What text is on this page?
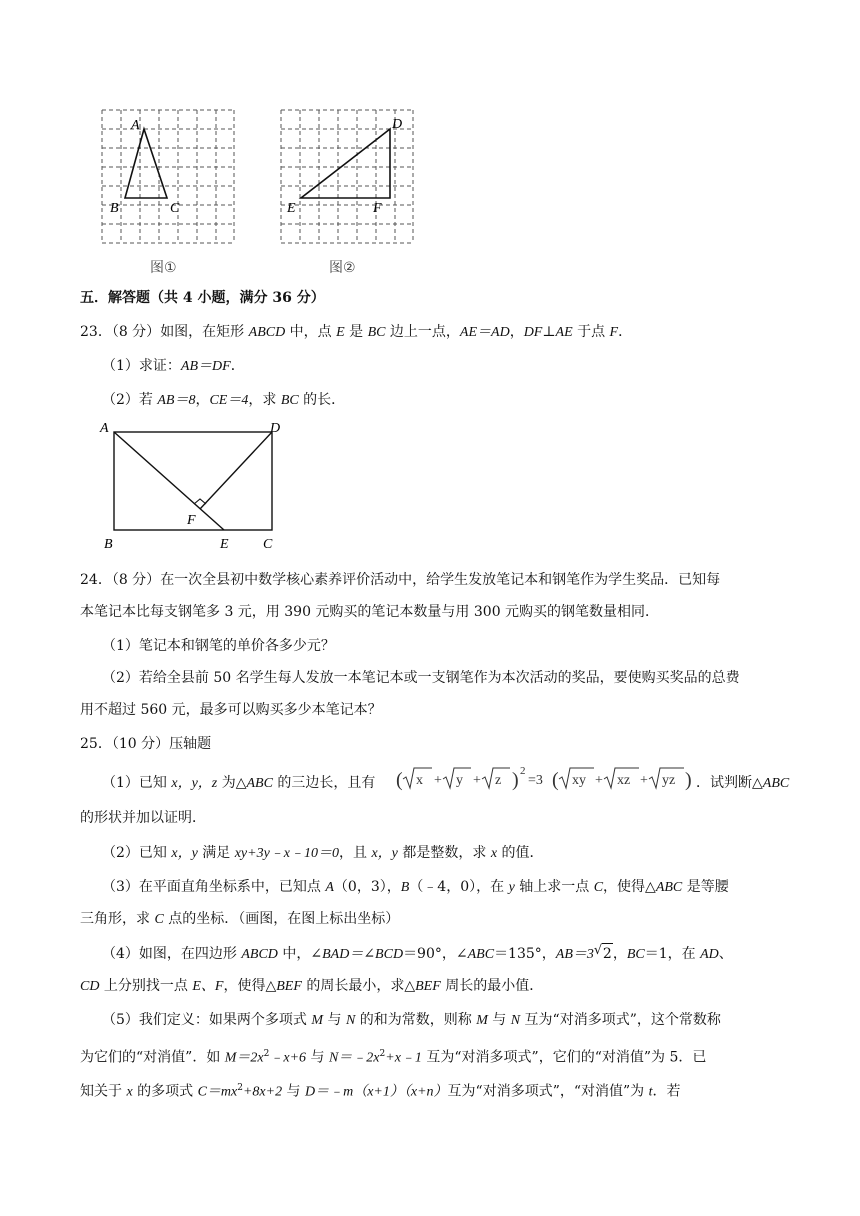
A
B	C
图①
D
E	F
图②
五．解答题（共 4 小题，满分 36 分）
23．（8 分）如图，在矩形 ABCD 中，点 E 是 BC 边上一点，AE＝AD，DF⊥AE 于点 F．
（1）求证：AB＝DF．
（2）若 AB＝8，CE＝4，求 BC 的长．
A	D
F
B	E C
24．（8 分）在一次全县初中数学核心素养评价活动中，给学生发放笔记本和钢笔作为学生奖品．已知每
本笔记本比每支钢笔多 3 元，用 390 元购买的笔记本数量与用 300 元购买的钢笔数量相同．
（1）笔记本和钢笔的单价各多少元？
（2）若给全县前 50 名学生每人发放一本笔记本或一支钢笔作为本次活动的奖品，要使购买奖品的总费
用不超过 560 元，最多可以购买多少本笔记本？
25．（10 分）压轴题
（1）已知 x，y，z 为△ABC 的三边长，且有 ( x + y + z ) 2
=3 ( xy + xz + yz ) ．试判断△ABC
的形状并加以证明．
（2）已知 x，y 满足 xy+3y﹣x﹣10＝0，且 x，y 都是整数，求 x 的值．
（3）在平面直角坐标系中，已知点 A（0，3），B（﹣4，0），在 y 轴上求一点 C，使得△ABC 是等腰
三角形，求 C 点的坐标．（画图，在图上标出坐标）
（4）如图，在四边形 ABCD 中，∠BAD＝∠BCD＝90°，∠ABC＝135°，AB＝3 √ 2，BC＝1，在 AD、
CD 上分别找一点 E、F，使得△BEF 的周长最小，求△BEF 周长的最小值．
（5）我们定义：如果两个多项式 M 与 N 的和为常数，则称 M 与 N 互为“对消多项式”，这个常数称
为它们的“对消值”．如 $M=2x^2﹣x+6$ 与 $N=﹣2x^2+x﹣1$ 互为“对消多项式”，它们的“对消值”为 5．已
知关于 x 的多项式 $C=mx^2+8x+2$ 与 D＝﹣m（x+1）（x+n）互为“对消多项式”，“对消值”为 t．若
